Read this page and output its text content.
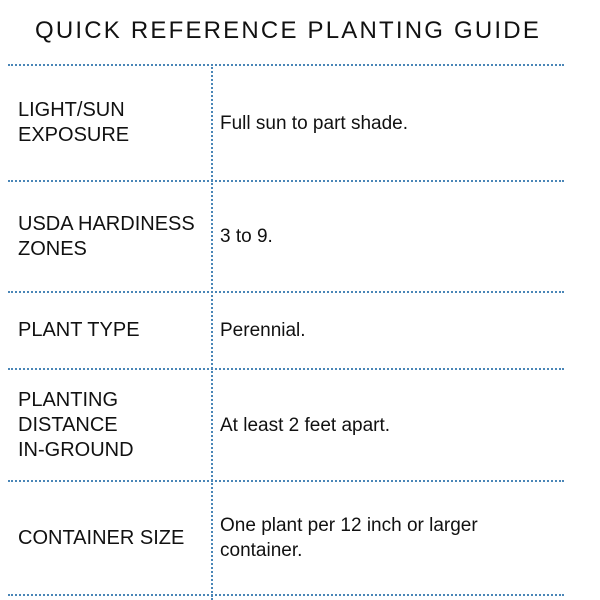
QUICK REFERENCE PLANTING GUIDE
LIGHT/SUN EXPOSURE
Full sun to part shade.
USDA HARDINESS ZONES
3 to 9.
PLANT TYPE	Perennial.
PLANTING DISTANCE IN-GROUND
At least 2 feet apart.
CONTAINER SIZE
One plant per 12 inch or larger container.
